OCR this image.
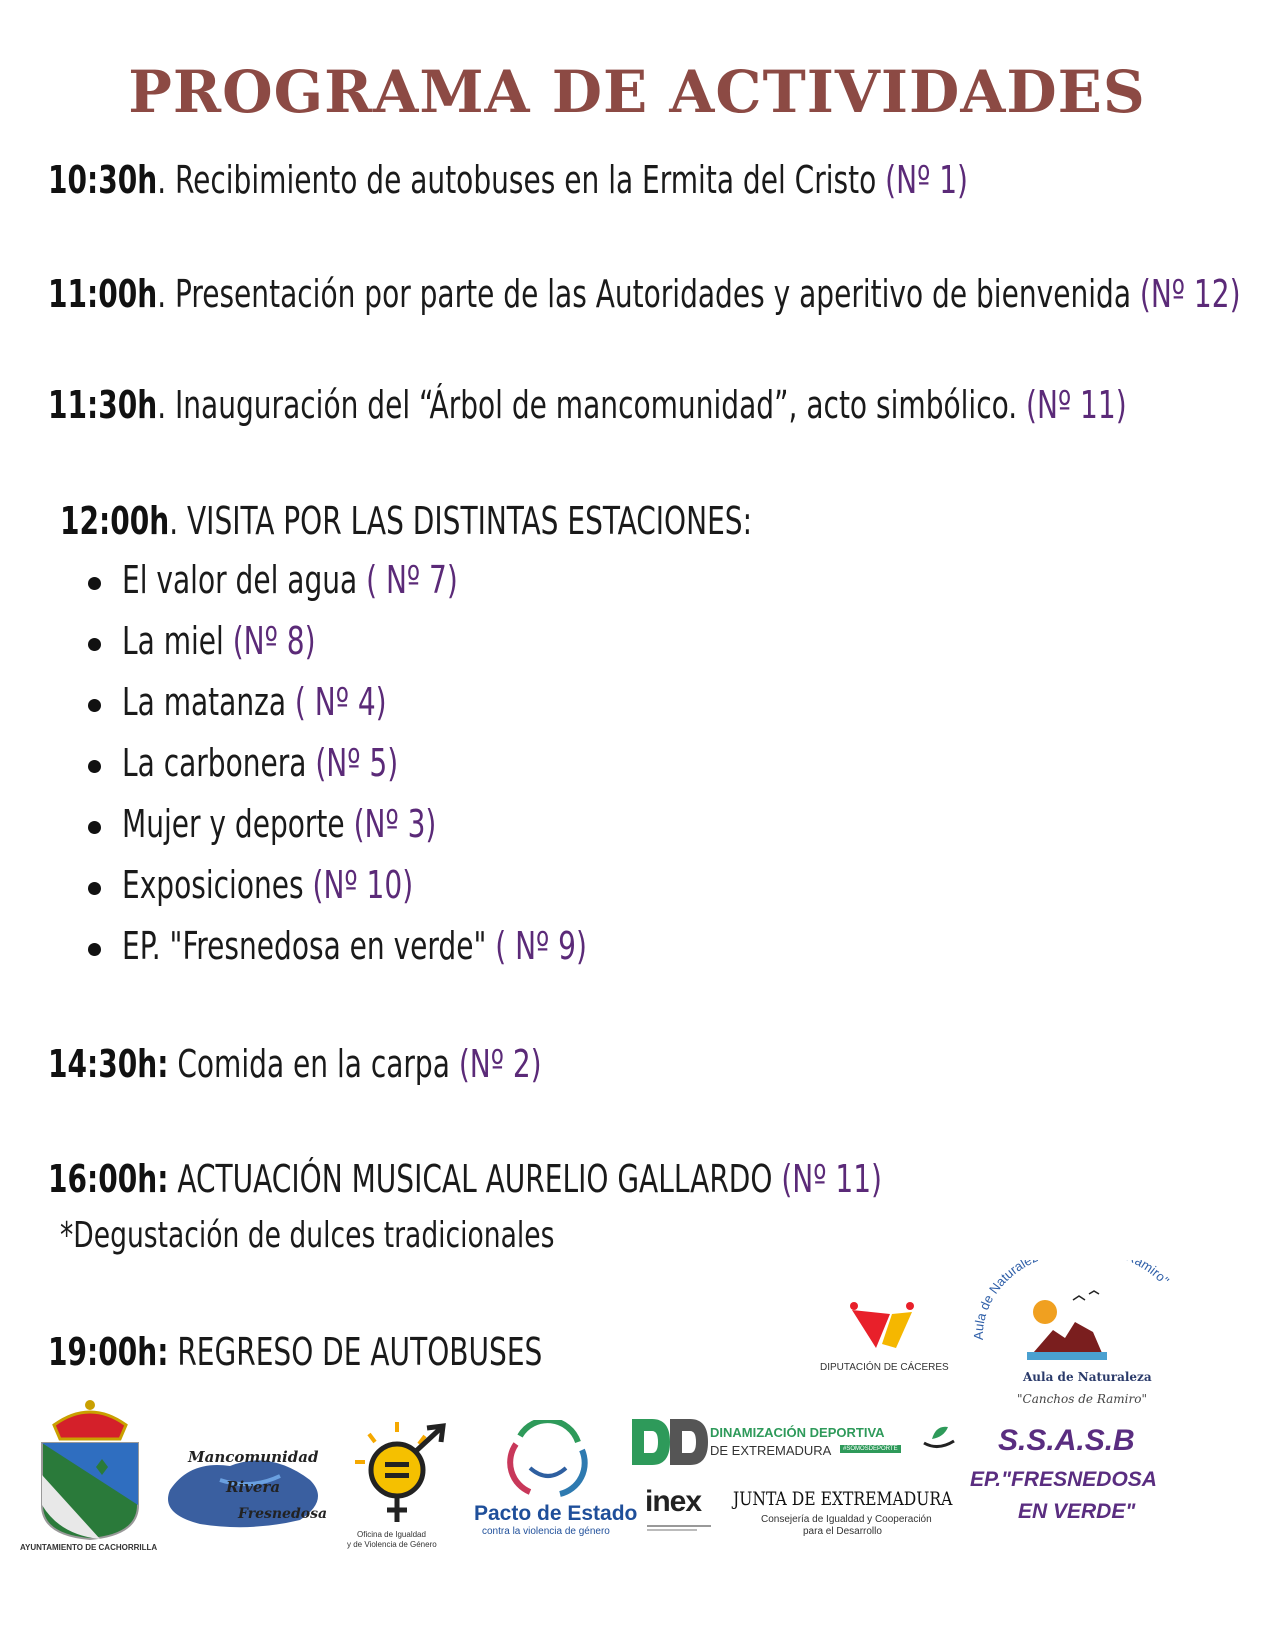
PROGRAMA DE ACTIVIDADES
10:30h. Recibimiento de autobuses en la Ermita del Cristo (Nº 1)
11:00h. Presentación por parte de las Autoridades y aperitivo de bienvenida (Nº 12)
11:30h. Inauguración del “Árbol de mancomunidad”, acto simbólico. (Nº 11)
12:00h. VISITA POR LAS DISTINTAS ESTACIONES:
El valor del agua ( Nº 7)
La miel (Nº 8)
La matanza ( Nº 4)
La carbonera (Nº 5)
Mujer y deporte (Nº 3)
Exposiciones (Nº 10)
EP. "Fresnedosa en verde" ( Nº 9)
14:30h: Comida en la carpa (Nº 2)
16:00h: ACTUACIÓN MUSICAL AURELIO GALLARDO (Nº 11)
*Degustación de dulces tradicionales
19:00h: REGRESO DE AUTOBUSES	DIPUTACIÓN DE CÁCERES
Aula de Naturale amiro"
Aula de Naturaleza
"Canchos de Ramiro"
AYUNTAMIENTO DE CACHORRILLA
Mancomunidad
Rivera
Fresnedosa
Oficina de Igualdad
y de Violencia de Género
Pacto de Estado
contra la violencia de género
DINAMIZACIÓN DEPORTIVA
DE EXTREMADURA	#SOMOSDEPORTE
inex JUNTA DE EXTREMADURA
Consejería de Igualdad y Cooperación
para el Desarrollo
S.S.A.S.B
EP."FRESNEDOSA
EN VERDE"
